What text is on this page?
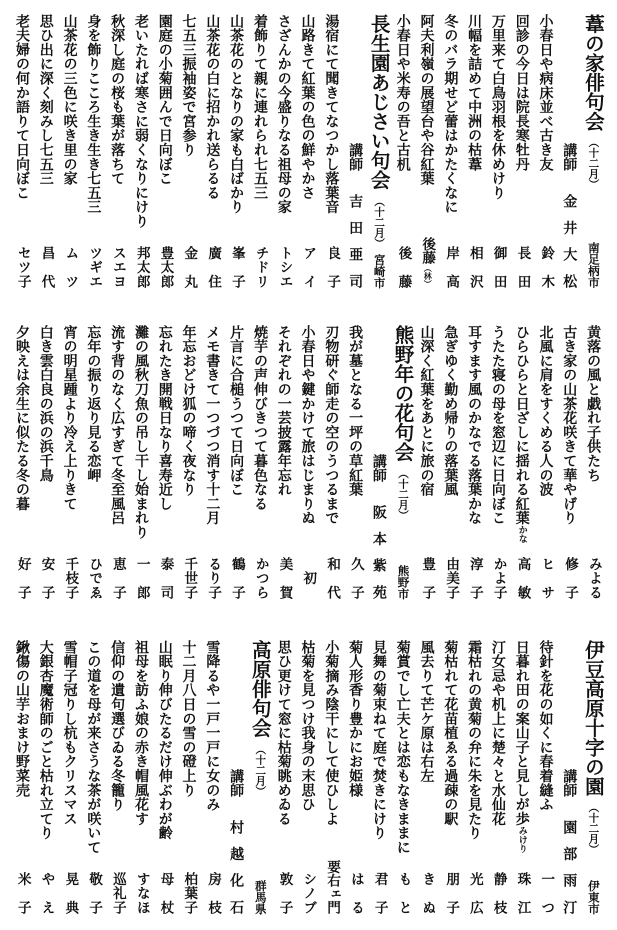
葦の家俳句会
（十二月）
南足柄市
講師
金井大松
小春日や病床並べ古き友
鈴木
回診の今日は院長寒牡丹
長田
万里来て白鳥羽根を休めけり
御田
川幅を詰めて中洲の枯葦
相沢
冬のバラ期せど蕾はかたくなに
岸高
阿夫利嶺の展望台や谷紅葉
後藤（林）
小春日や米寿の吾と古机
後藤
長生園あじさい句会
（十二月）
宮崎市
講師
吉田亜司
湯宿にて聞きてなつかし落葉音
良子
山路きて紅葉の色の鮮やかさ
アイ
さざんかの今盛りなる祖母の家
トシエ
着飾りて親に連れられ七五三
チドリ
山茶花のとなりの家も白ばかり
峯子
山茶花の白に招かれ送らるる
廣住
七五三振袖姿で宮参り
金丸
園庭の小菊囲んで日向ぼこ
豊太郎
老いたれば寒さに弱くなりにけり
邦太郎
秋深し庭の桜も葉が落ちて
スエヨ
身を飾りこころ生き生き七五三
ツギエ
山茶花の三色に咲き里の家
ムツ
思ひ出に深く刻みし七五三
昌代
老夫婦の何か語りて日向ぼこ
セツ子
黄落の風と戯れ子供たち
みよる
古き家の山茶花咲きて華やげり
修子
北風に肩をすくめる人の波
ヒサ
ひらひらと日ざしに揺れる紅葉かな
高敏
うたた寝の母を窓辺に日向ぼこ
かよ子
耳すます風のかなでる落葉かな
淳子
急ぎゆく勤め帰りの落葉風
由美子
山深く紅葉をあとに旅の宿
豊子
熊野年の花句会
（十二月）
熊野市
講師
阪本紫苑
我が墓となる一坪の草紅葉
久子
刃物研ぐ師走の空のうつるまで
和代
小春日や鍵かけて旅はじまりぬ
初
それぞれの一芸披露年忘れ
美賀
焼芋の声伸びきつて暮色なる
かつら
片言に合槌うつて日向ぼこ
鶴子
メモ書きて一つづつ消す十二月
るり子
年忘おどけ狐の啼く夜なり
千世子
忘れたき開戦日なり喜寿近し
泰司
灘の風秋刀魚の吊し干し始まれり
一郎
流す背のなく広すぎて冬至風呂
恵子
忘年の振り返り見る恋岬
ひでゑ
宵の明星踵より冷え上りきて
千枝子
白き雲白良の浜の浜千鳥
安子
夕映えは余生に似たる冬の暮
好子
伊豆高原十字の園
（十二月）
伊東市
講師
園部雨汀
待針を花の如くに春着縫ふ
一つ
日暮れ田の案山子と見しが歩みけり
珠江
汀女忌や机上に楚々と水仙花
静枝
霜枯れの黄菊の弁に朱を見たり
光広
菊枯れて花苗植ゑる過疎の駅
朋子
風去りて芒ケ原は右左
きぬ
菊賞でし亡夫とは恋もなきままに
もと
見舞の菊束ねて庭で焚きにけり
君子
菊人形香り豊かにお姫様
はる
小菊摘み陰干にして使ひしよ
要右ェ門
枯菊を見つけ我身の末思ひ
シノブ
思ひ更けて窓に枯菊眺めゐる
敦子
高原俳句会
（十二月）
群馬県
講師
村越化石
雪降るや一戸一戸に女のみ
房枝
十二月八日の雪の磴上り
柏葉子
山眠り伸びたるだけ伸ぶわが齢
母杖
祖母を訪ふ娘の赤き帽風花す
すなほ
信仰の遺句選びゐる冬籠り
巡礼子
この道を母が来さうな茶が咲いて
敬子
雪帽子冠りし杭もクリスマス
晃典
大銀杏魔術師のごと枯れ立てり
やえ
鍬傷の山芋おまけ野菜売
米子
